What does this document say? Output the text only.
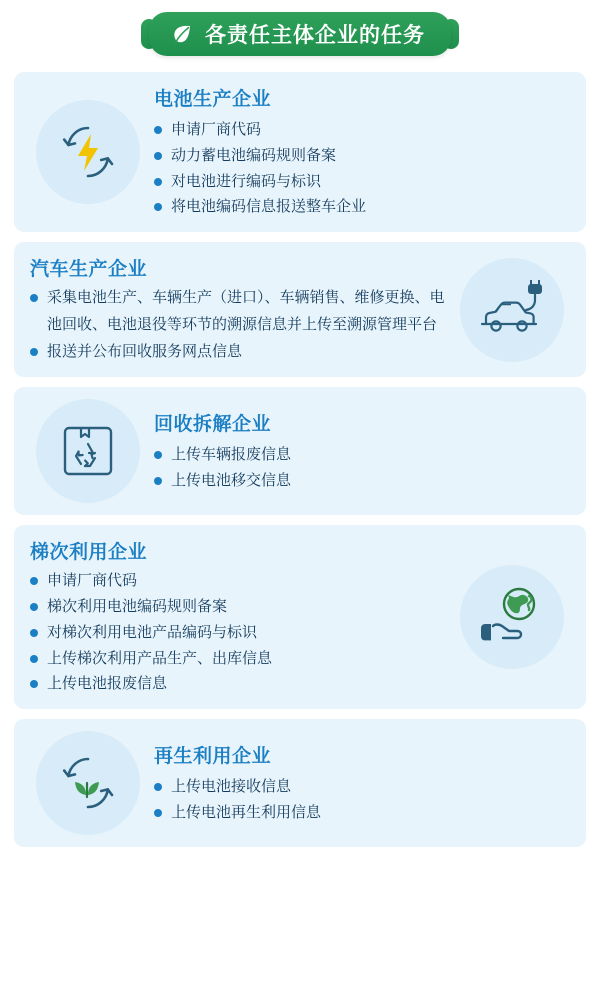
各责任主体企业的任务
电池生产企业
申请厂商代码
动力蓄电池编码规则备案
对电池进行编码与标识
将电池编码信息报送整车企业
汽车生产企业
采集电池生产、车辆生产（进口）、车辆销售、维修更换、电池回收、电池退役等环节的溯源信息并上传至溯源管理平台
报送并公布回收服务网点信息
回收拆解企业
上传车辆报废信息
上传电池移交信息
梯次利用企业
申请厂商代码
梯次利用电池编码规则备案
对梯次利用电池产品编码与标识
上传梯次利用产品生产、出库信息
上传电池报废信息
再生利用企业
上传电池接收信息
上传电池再生利用信息
